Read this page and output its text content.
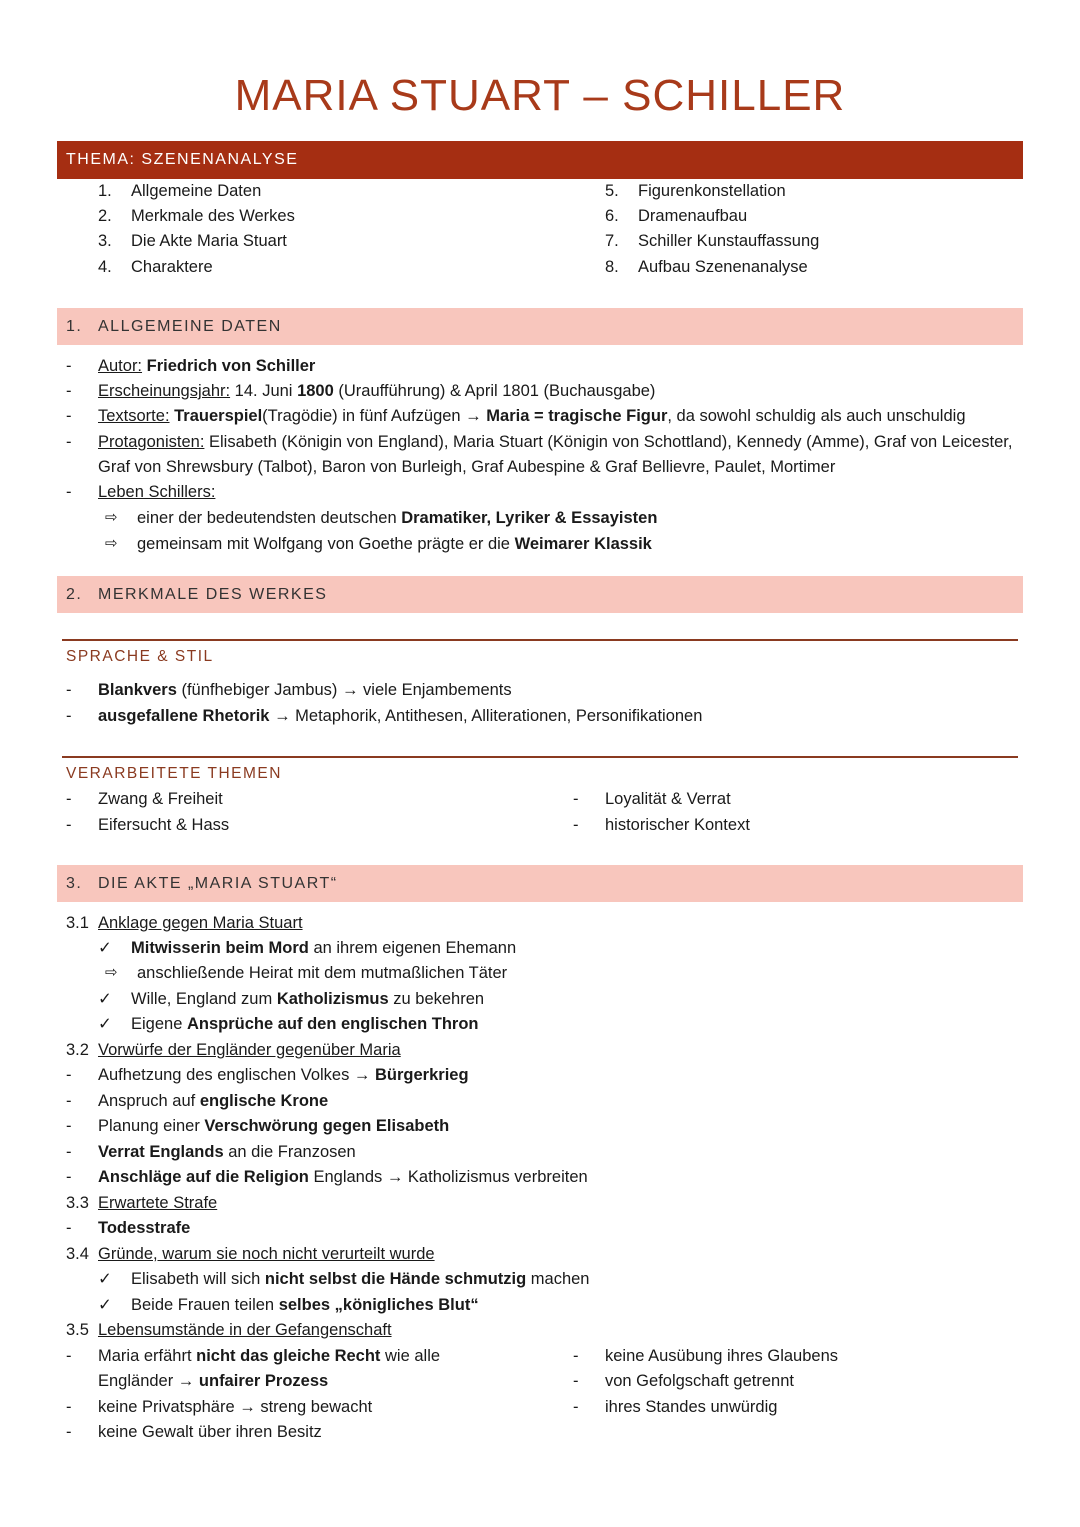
MARIA STUART – SCHILLER
THEMA: SZENENANALYSE
1. Allgemeine Daten
2. Merkmale des Werkes
3. Die Akte Maria Stuart
4. Charaktere
5. Figurenkonstellation
6. Dramenaufbau
7. Schiller Kunstauffassung
8. Aufbau Szenenanalyse
1. ALLGEMEINE DATEN
- Autor: Friedrich von Schiller
- Erscheinungsjahr: 14. Juni 1800 (Uraufführung) & April 1801 (Buchausgabe)
- Textsorte: Trauerspiel(Tragödie) in fünf Aufzügen → Maria = tragische Figur, da sowohl schuldig als auch unschuldig
- Protagonisten: Elisabeth (Königin von England), Maria Stuart (Königin von Schottland), Kennedy (Amme), Graf von Leicester,
Graf von Shrewsbury (Talbot), Baron von Burleigh, Graf Aubespine & Graf Bellievre, Paulet, Mortimer
- Leben Schillers:
⇨ einer der bedeutendsten deutschen Dramatiker, Lyriker & Essayisten
⇨ gemeinsam mit Wolfgang von Goethe prägte er die Weimarer Klassik
2. MERKMALE DES WERKES
SPRACHE & STIL
- Blankvers (fünfhebiger Jambus) → viele Enjambements
- ausgefallene Rhetorik → Metaphorik, Antithesen, Alliterationen, Personifikationen
VERARBEITETE THEMEN
- Zwang & Freiheit
- Eifersucht & Hass
- Loyalität & Verrat
- historischer Kontext
3. DIE AKTE „MARIA STUART“
3.1 Anklage gegen Maria Stuart
✓ Mitwisserin beim Mord an ihrem eigenen Ehemann
⇨ anschließende Heirat mit dem mutmaßlichen Täter
✓ Wille, England zum Katholizismus zu bekehren
✓ Eigene Ansprüche auf den englischen Thron
3.2 Vorwürfe der Engländer gegenüber Maria
- Aufhetzung des englischen Volkes → Bürgerkrieg
- Anspruch auf englische Krone
- Planung einer Verschwörung gegen Elisabeth
- Verrat Englands an die Franzosen
- Anschläge auf die Religion Englands → Katholizismus verbreiten
3.3 Erwartete Strafe
- Todesstrafe
3.4 Gründe, warum sie noch nicht verurteilt wurde
✓ Elisabeth will sich nicht selbst die Hände schmutzig machen
✓ Beide Frauen teilen selbes „königliches Blut“
3.5 Lebensumstände in der Gefangenschaft
- Maria erfährt nicht das gleiche Recht wie alle
Engländer → unfairer Prozess
- keine Privatsphäre → streng bewacht
- keine Gewalt über ihren Besitz
- keine Ausübung ihres Glaubens
- von Gefolgschaft getrennt
- ihres Standes unwürdig
